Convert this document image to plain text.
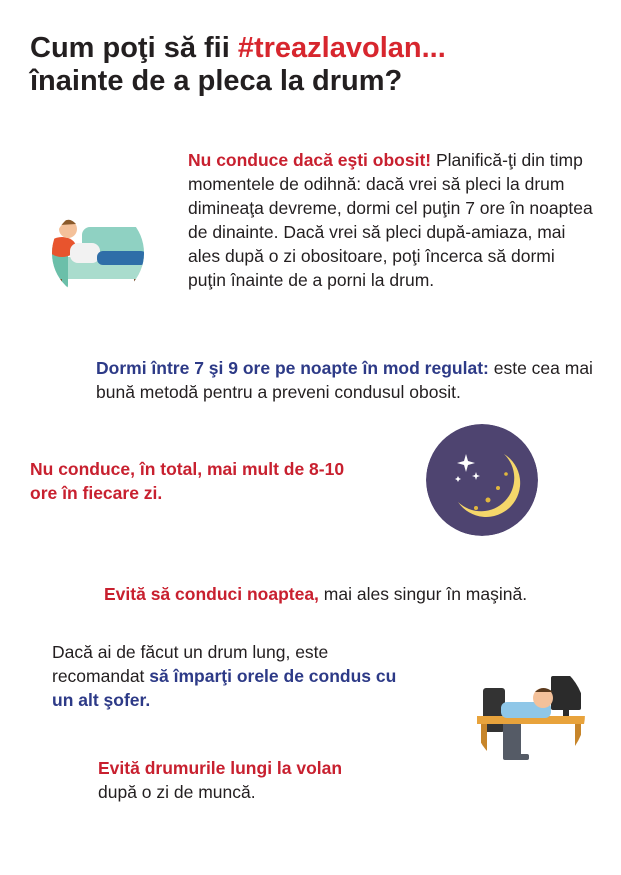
Cum poţi să fii #treazlavolan...
înainte de a pleca la drum?
Nu conduce dacă eşti obosit! Planifică-ţi din timp momentele de odihnă: dacă vrei să pleci la drum dimineaţa devreme, dormi cel puţin 7 ore în noaptea de dinainte. Dacă vrei să pleci după-amiaza, mai ales după o zi obositoare, poţi încerca să dormi puţin înainte de a porni la drum.
Dormi între 7 şi 9 ore pe noapte în mod regulat: este cea mai bună metodă pentru a preveni condusul obosit.
Nu conduce, în total, mai mult de 8-10 ore în fiecare zi.
Evită să conduci noaptea, mai ales singur în maşină.
Dacă ai de făcut un drum lung, este recomandat să împarţi orele de condus cu un alt şofer.
Evită drumurile lungi la volan
după o zi de muncă.
